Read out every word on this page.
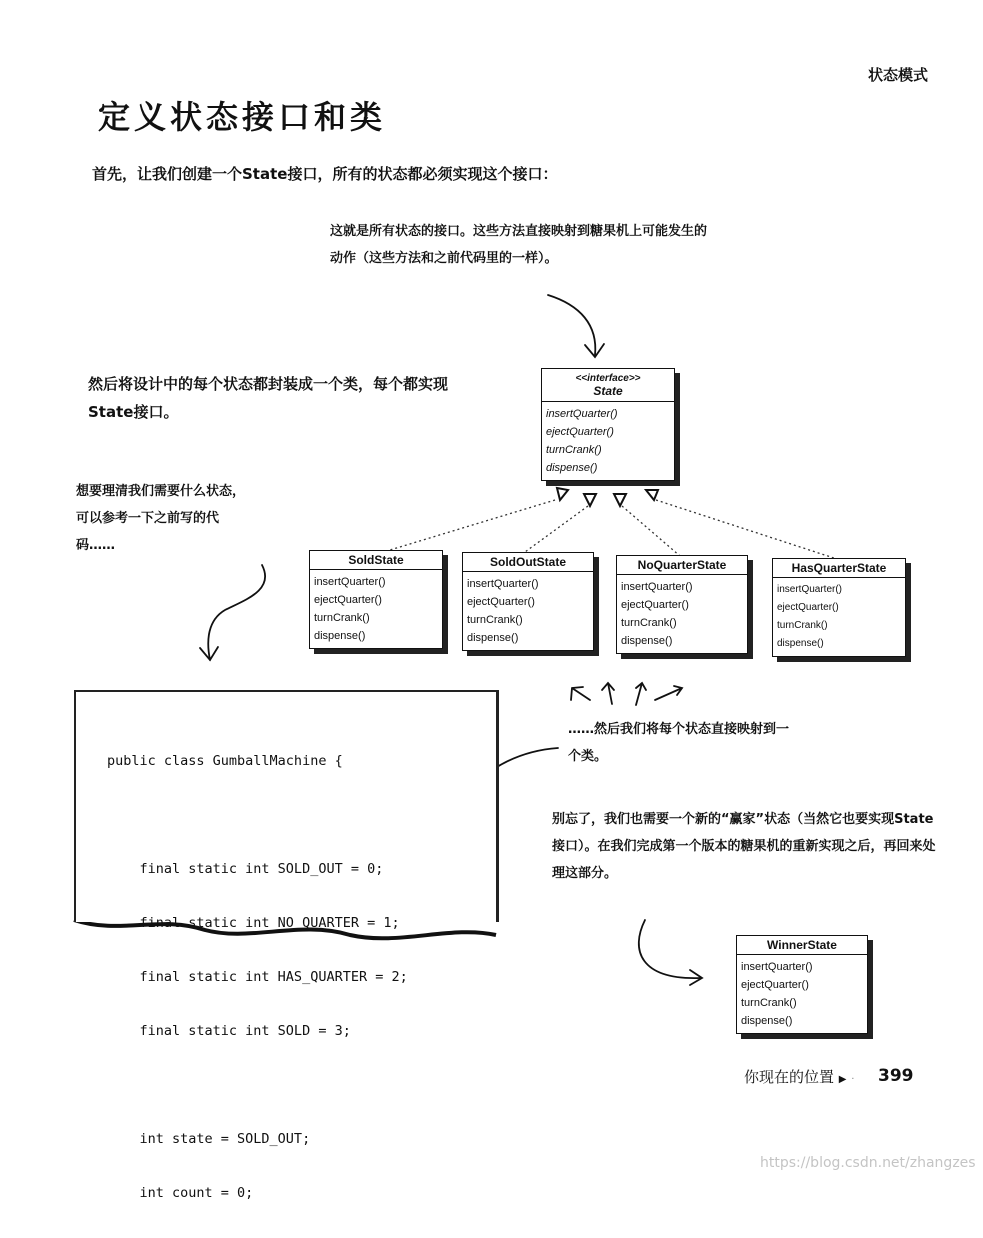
状态模式
定义状态接口和类
首先，让我们创建一个State接口，所有的状态都必须实现这个接口：
这就是所有状态的接口。这些方法直接映射到糖果机上可能发生的动作（这些方法和之前代码里的一样）。
然后将设计中的每个状态都封装成一个类，每个都实现State接口。
想要理清我们需要什么状态，可以参考一下之前写的代码……
……然后我们将每个状态直接映射到一个类。
别忘了，我们也需要一个新的“赢家”状态（当然它也要实现State接口）。在我们完成第一个版本的糖果机的重新实现之后，再回来处理这部分。
<<interface>>
State
insertQuarter()
ejectQuarter()
turnCrank()
dispense()
SoldState
insertQuarter()
ejectQuarter()
turnCrank()
dispense()
SoldOutState
insertQuarter()
ejectQuarter()
turnCrank()
dispense()
NoQuarterState
insertQuarter()
ejectQuarter()
turnCrank()
dispense()
HasQuarterState
insertQuarter()
ejectQuarter()
turnCrank()
dispense()
WinnerState
insertQuarter()
ejectQuarter()
turnCrank()
dispense()

public class GumballMachine {

final static int SOLD_OUT = 0;

final static int NO_QUARTER = 1;

final static int HAS_QUARTER = 2;

final static int SOLD = 3;

int state = SOLD_OUT;

int count = 0;

你现在的位置 ▶ · 399
https://blog.csdn.net/zhangzes
